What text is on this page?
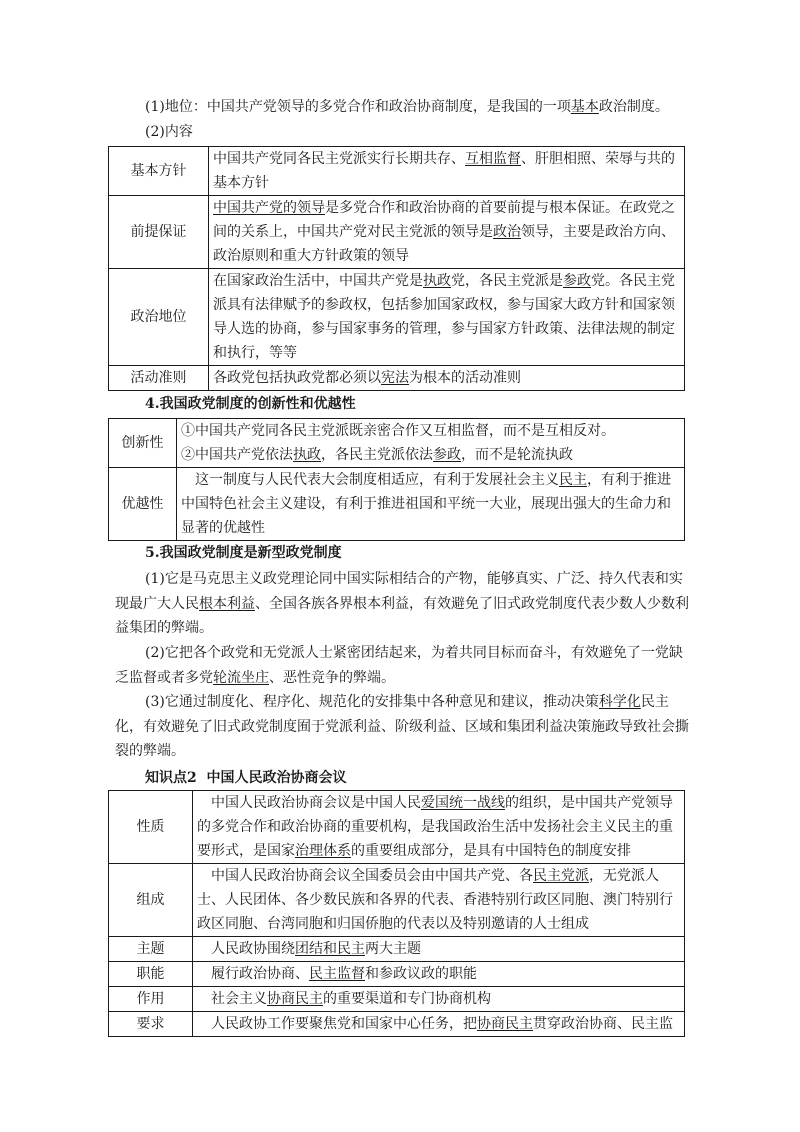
(1)地位：中国共产党领导的多党合作和政治协商制度，是我国的一项基本政治制度。
(2)内容
基本方针	中国共产党同各民主党派实行长期共存、互相监督、肝胆相照、荣辱与共的基本方针
前提保证	中国共产党的领导是多党合作和政治协商的首要前提与根本保证。在政党之间的关系上，中国共产党对民主党派的领导是政治领导，主要是政治方向、政治原则和重大方针政策的领导
政治地位	在国家政治生活中，中国共产党是执政党，各民主党派是参政党。各民主党派具有法律赋予的参政权，包括参加国家政权，参与国家大政方针和国家领导人选的协商，参与国家事务的管理，参与国家方针政策、法律法规的制定和执行，等等
活动准则	各政党包括执政党都必须以宪法为根本的活动准则
4.我国政党制度的创新性和优越性
创新性	①中国共产党同各民主党派既亲密合作又互相监督，而不是互相反对。
②中国共产党依法执政，各民主党派依法参政，而不是轮流执政

优越性	这一制度与人民代表大会制度相适应，有利于发展社会主义民主，有利于推进中国特色社会主义建设，有利于推进祖国和平统一大业，展现出强大的生命力和显著的优越性
5.我国政党制度是新型政党制度
(1)它是马克思主义政党理论同中国实际相结合的产物，能够真实、广泛、持久代表和实现最广大人民根本利益、全国各族各界根本利益，有效避免了旧式政党制度代表少数人少数利益集团的弊端。
(2)它把各个政党和无党派人士紧密团结起来，为着共同目标而奋斗，有效避免了一党缺乏监督或者多党轮流坐庄、恶性竞争的弊端。
(3)它通过制度化、程序化、规范化的安排集中各种意见和建议，推动决策科学化民主化，有效避免了旧式政党制度囿于党派利益、阶级利益、区域和集团利益决策施政导致社会撕裂的弊端。
知识点2  中国人民政治协商会议
性质	中国人民政治协商会议是中国人民爱国统一战线的组织，是中国共产党领导的多党合作和政治协商的重要机构，是我国政治生活中发扬社会主义民主的重要形式，是国家治理体系的重要组成部分，是具有中国特色的制度安排
组成	中国人民政治协商会议全国委员会由中国共产党、各民主党派，无党派人士、人民团体、各少数民族和各界的代表、香港特别行政区同胞、澳门特别行政区同胞、台湾同胞和归国侨胞的代表以及特别邀请的人士组成
主题	人民政协围绕团结和民主两大主题
职能	履行政治协商、民主监督和参政议政的职能
作用	社会主义协商民主的重要渠道和专门协商机构
要求	人民政协工作要聚焦党和国家中心任务，把协商民主贯穿政治协商、民主监
